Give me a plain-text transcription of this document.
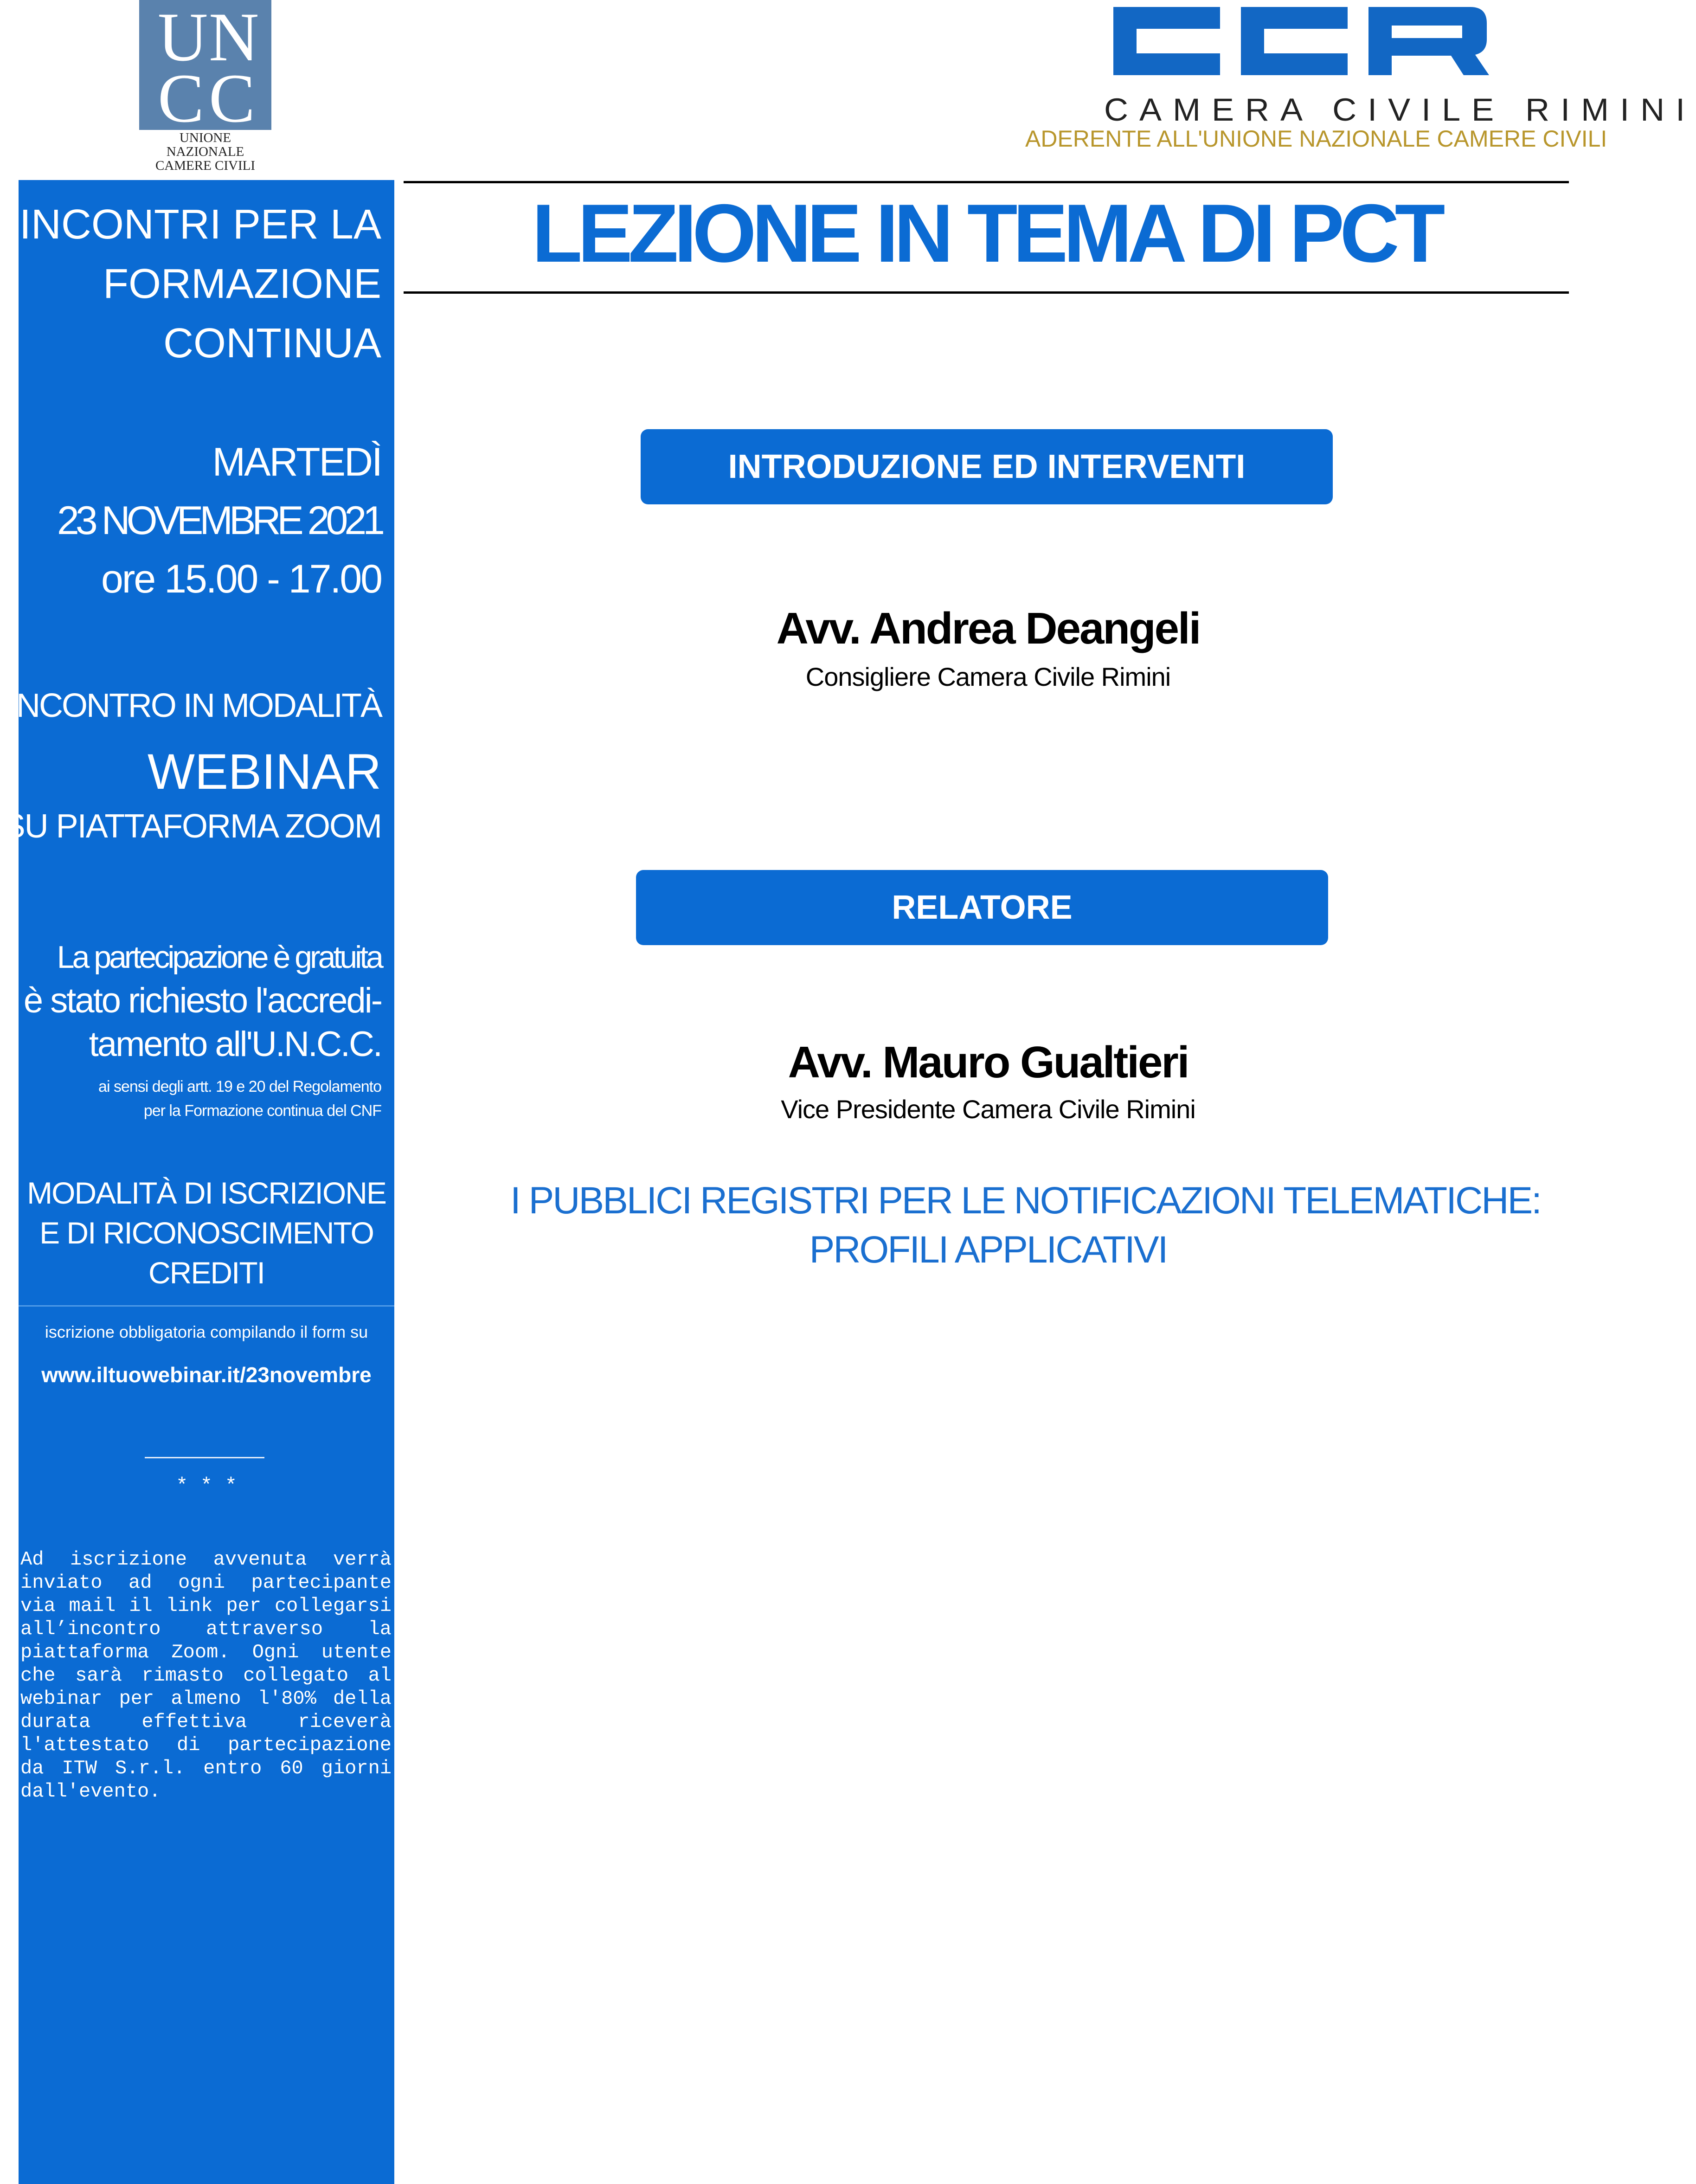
U N
C C
UNIONE NAZIONALE
CAMERE CIVILI
CAMERA CIVILE RIMINI
ADERENTE ALL'UNIONE NAZIONALE CAMERE CIVILI
INCONTRI PER LA
FORMAZIONE
CONTINUA
MARTEDÌ
23 NOVEMBRE 2021
ore 15.00 - 17.00
INCONTRO IN MODALITÀ
WEBINAR
SU PIATTAFORMA ZOOM
La partecipazione è gratuita
è stato richiesto l'accredi-
tamento all'U.N.C.C.
ai sensi degli artt. 19 e 20 del Regolamento
per la Formazione continua del CNF
MODALITÀ DI ISCRIZIONE
E DI RICONOSCIMENTO
CREDITI
iscrizione obbligatoria compilando il form su
www.iltuowebinar.it/23novembre
* * *
Ad iscrizione avvenuta verrà inviato ad ogni partecipante via mail il link per collegarsi all’incontro attraverso la piattaforma Zoom. Ogni utente che sarà rimasto collegato al webinar per almeno l'80% della durata effettiva riceverà l'attestato di partecipazione da ITW S.r.l. entro 60 giorni dall'evento.
LEZIONE IN TEMA DI PCT
INTRODUZIONE ED INTERVENTI
Avv. Andrea Deangeli
Consigliere Camera Civile Rimini
RELATORE
Avv. Mauro Gualtieri
Vice Presidente Camera Civile Rimini
I PUBBLICI REGISTRI PER LE NOTIFICAZIONI TELEMATICHE:
PROFILI APPLICATIVI
